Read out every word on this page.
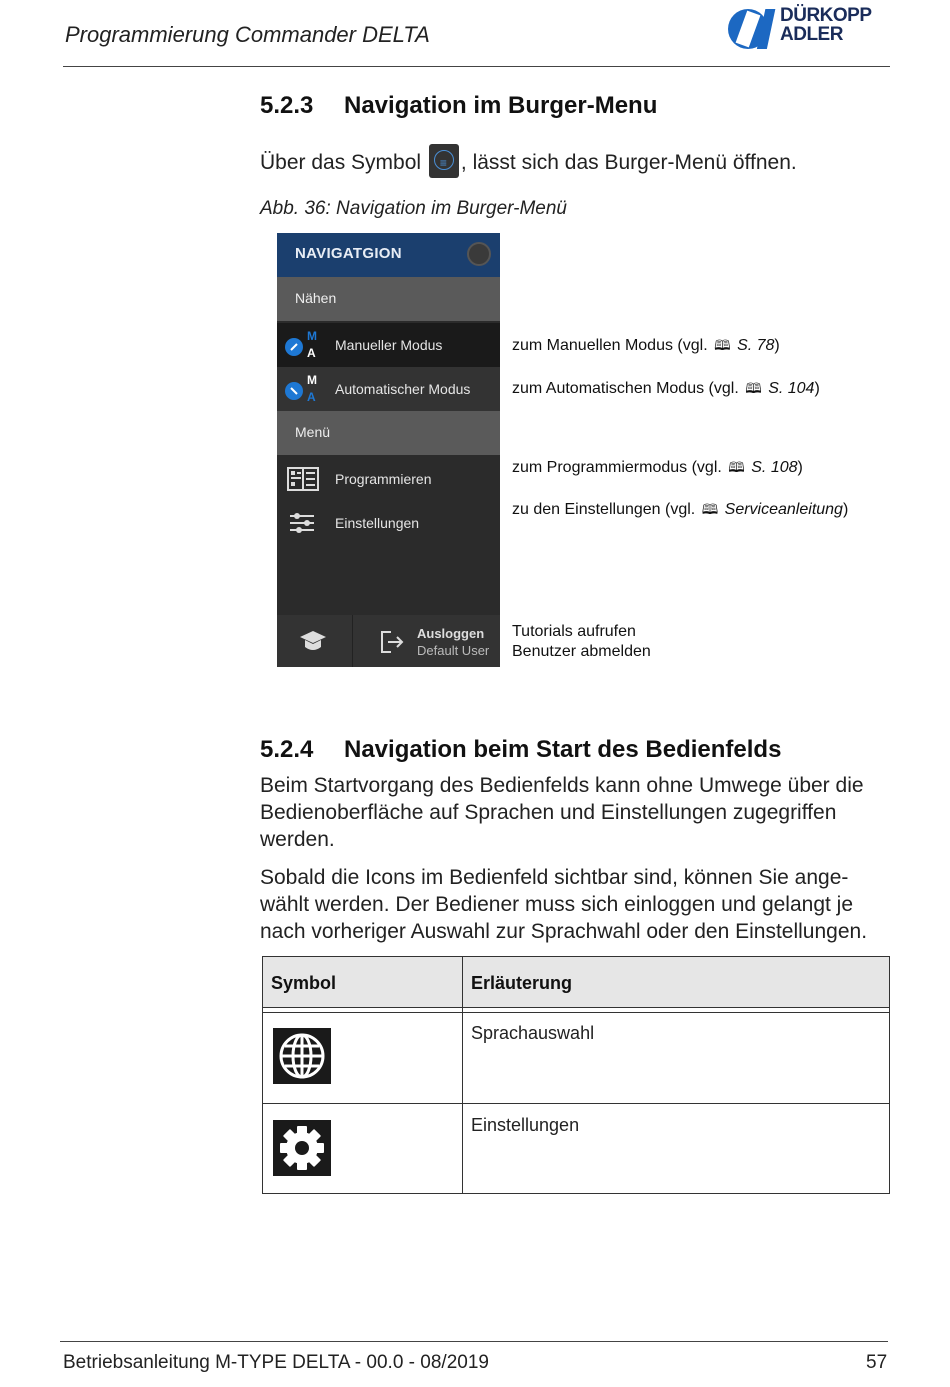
Programmierung Commander DELTA
DÜRKOPP
ADLER
5.2.3 Navigation im Burger-Menu
Über das Symbol ≡ , lässt sich das Burger-Menü öffnen.
Abb. 36: Navigation im Burger-Menü
NAVIGATGION
Nähen
M
A Manueller Modus
M
A Automatischer Modus
Menü
Programmieren
Einstellungen
Ausloggen
Default User
zum Manuellen Modus (vgl. 🕮 S. 78)
zum Automatischen Modus (vgl. 🕮 S. 104)
zum Programmiermodus (vgl. 🕮 S. 108)
zu den Einstellungen (vgl. 🕮 Serviceanleitung)
Tutorials aufrufen
Benutzer abmelden
5.2.4 Navigation beim Start des Bedienfelds
Beim Startvorgang des Bedienfelds kann ohne Umwege über die Bedienoberfläche auf Sprachen und Einstellungen zugegriffen werden.
Sobald die Icons im Bedienfeld sichtbar sind, können Sie ange-wählt werden. Der Bediener muss sich einloggen und gelangt je nach vorheriger Auswahl zur Sprachwahl oder den Einstellungen.
Symbol	Erläuterung
Sprachauswahl
Einstellungen
Betriebsanleitung M-TYPE DELTA - 00.0 - 08/2019	57
